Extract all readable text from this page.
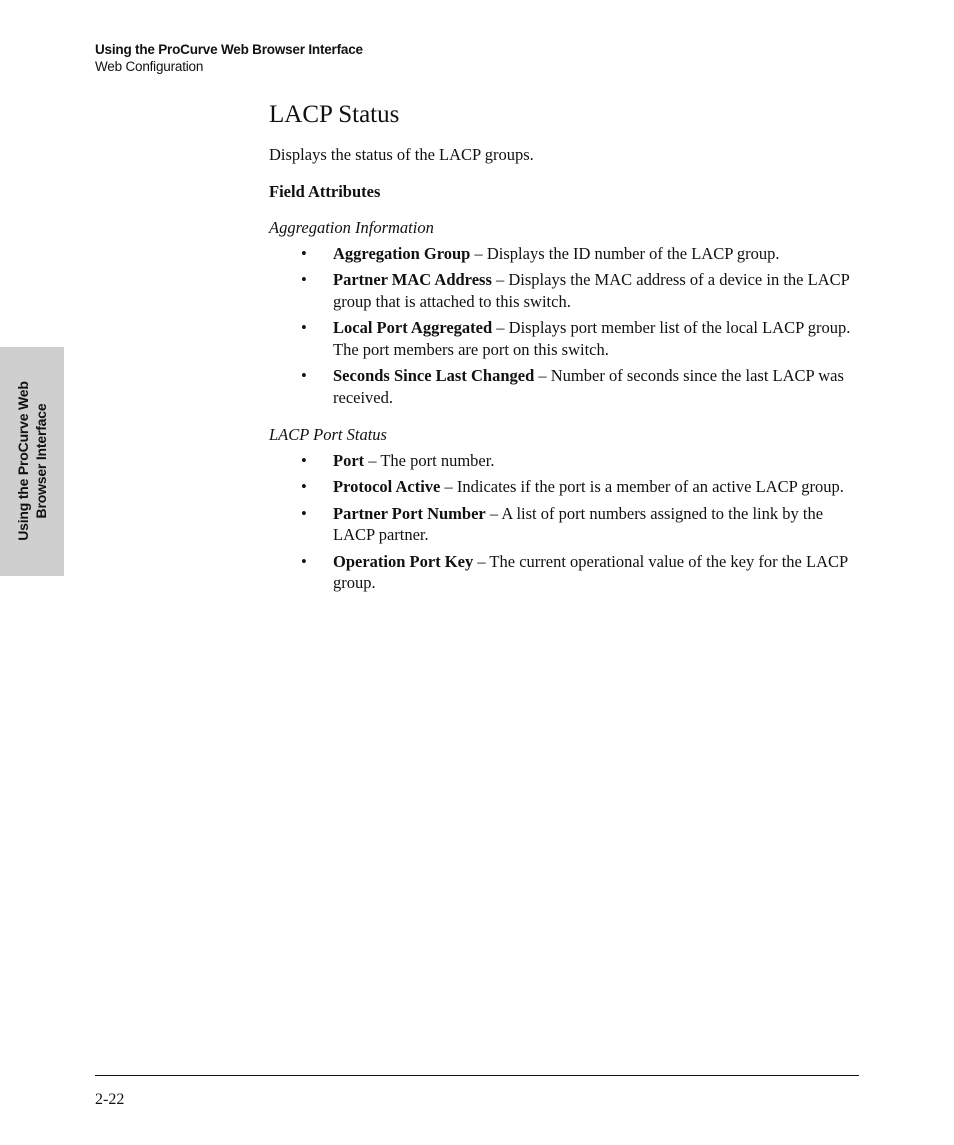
Using the ProCurve Web Browser Interface
Web Configuration
Using the ProCurve Web Browser Interface
LACP Status

Displays the status of the LACP groups.

Field Attributes

Aggregation Information

• Aggregation Group – Displays the ID number of the LACP group.
• Partner MAC Address – Displays the MAC address of a device in the LACP group that is attached to this switch.
• Local Port Aggregated – Displays port member list of the local LACP group. The port members are port on this switch.
• Seconds Since Last Changed – Number of seconds since the last LACP was received.

LACP Port Status

• Port – The port number.
• Protocol Active – Indicates if the port is a member of an active LACP group.
• Partner Port Number – A list of port numbers assigned to the link by the LACP partner.
• Operation Port Key – The current operational value of the key for the LACP group.
2-22
